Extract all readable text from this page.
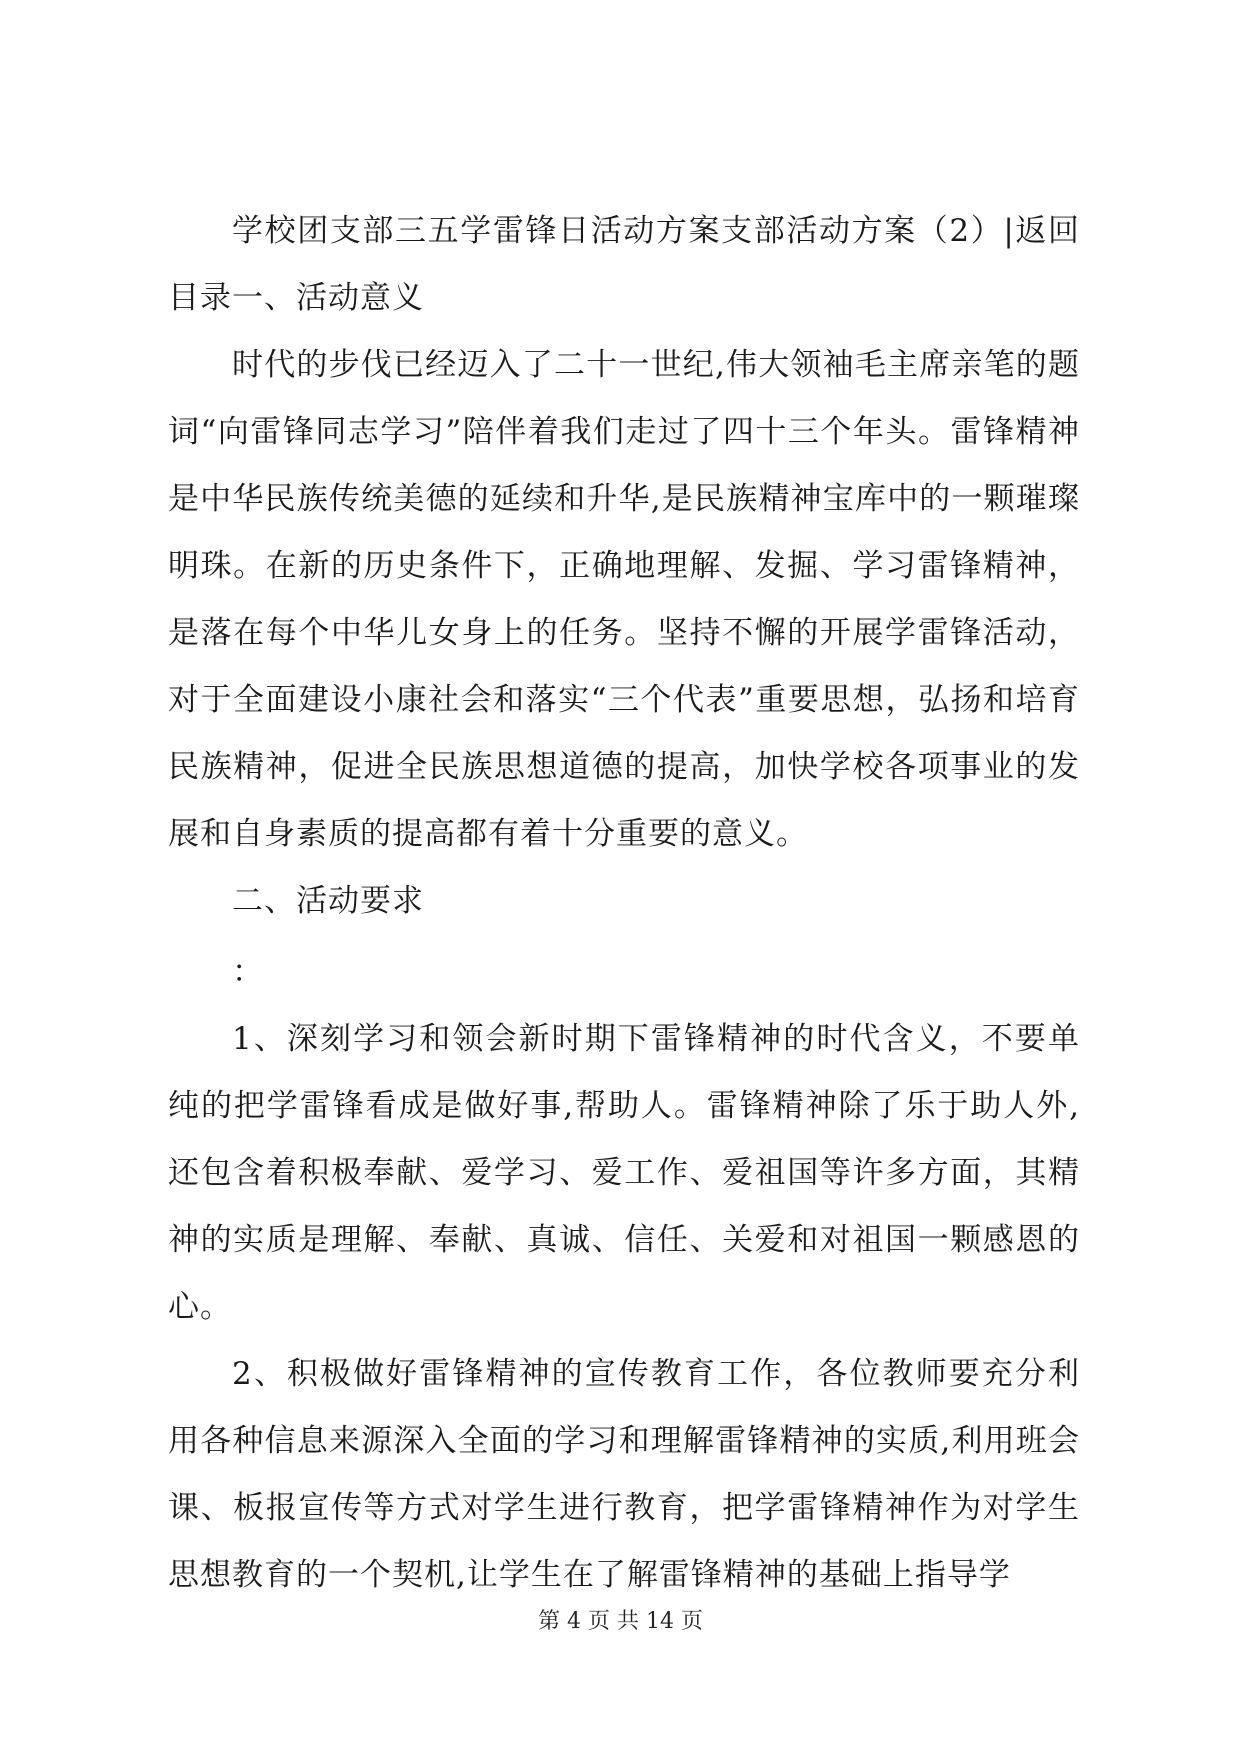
学校团支部三五学雷锋日活动方案支部活动方案（2）|返回目录一、活动意义

时代的步伐已经迈入了二十一世纪,伟大领袖毛主席亲笔的题词“向雷锋同志学习”陪伴着我们走过了四十三个年头。雷锋精神是中华民族传统美德的延续和升华,是民族精神宝库中的一颗璀璨明珠。在新的历史条件下，正确地理解、发掘、学习雷锋精神，是落在每个中华儿女身上的任务。坚持不懈的开展学雷锋活动，对于全面建设小康社会和落实“三个代表”重要思想，弘扬和培育民族精神，促进全民族思想道德的提高，加快学校各项事业的发展和自身素质的提高都有着十分重要的意义。

二、活动要求

：

1、深刻学习和领会新时期下雷锋精神的时代含义，不要单纯的把学雷锋看成是做好事,帮助人。雷锋精神除了乐于助人外,还包含着积极奉献、爱学习、爱工作、爱祖国等许多方面，其精神的实质是理解、奉献、真诚、信任、关爱和对祖国一颗感恩的心。

2、积极做好雷锋精神的宣传教育工作，各位教师要充分利用各种信息来源深入全面的学习和理解雷锋精神的实质,利用班会课、板报宣传等方式对学生进行教育，把学雷锋精神作为对学生思想教育的一个契机,让学生在了解雷锋精神的基础上指导学

第 4 页 共 14 页
